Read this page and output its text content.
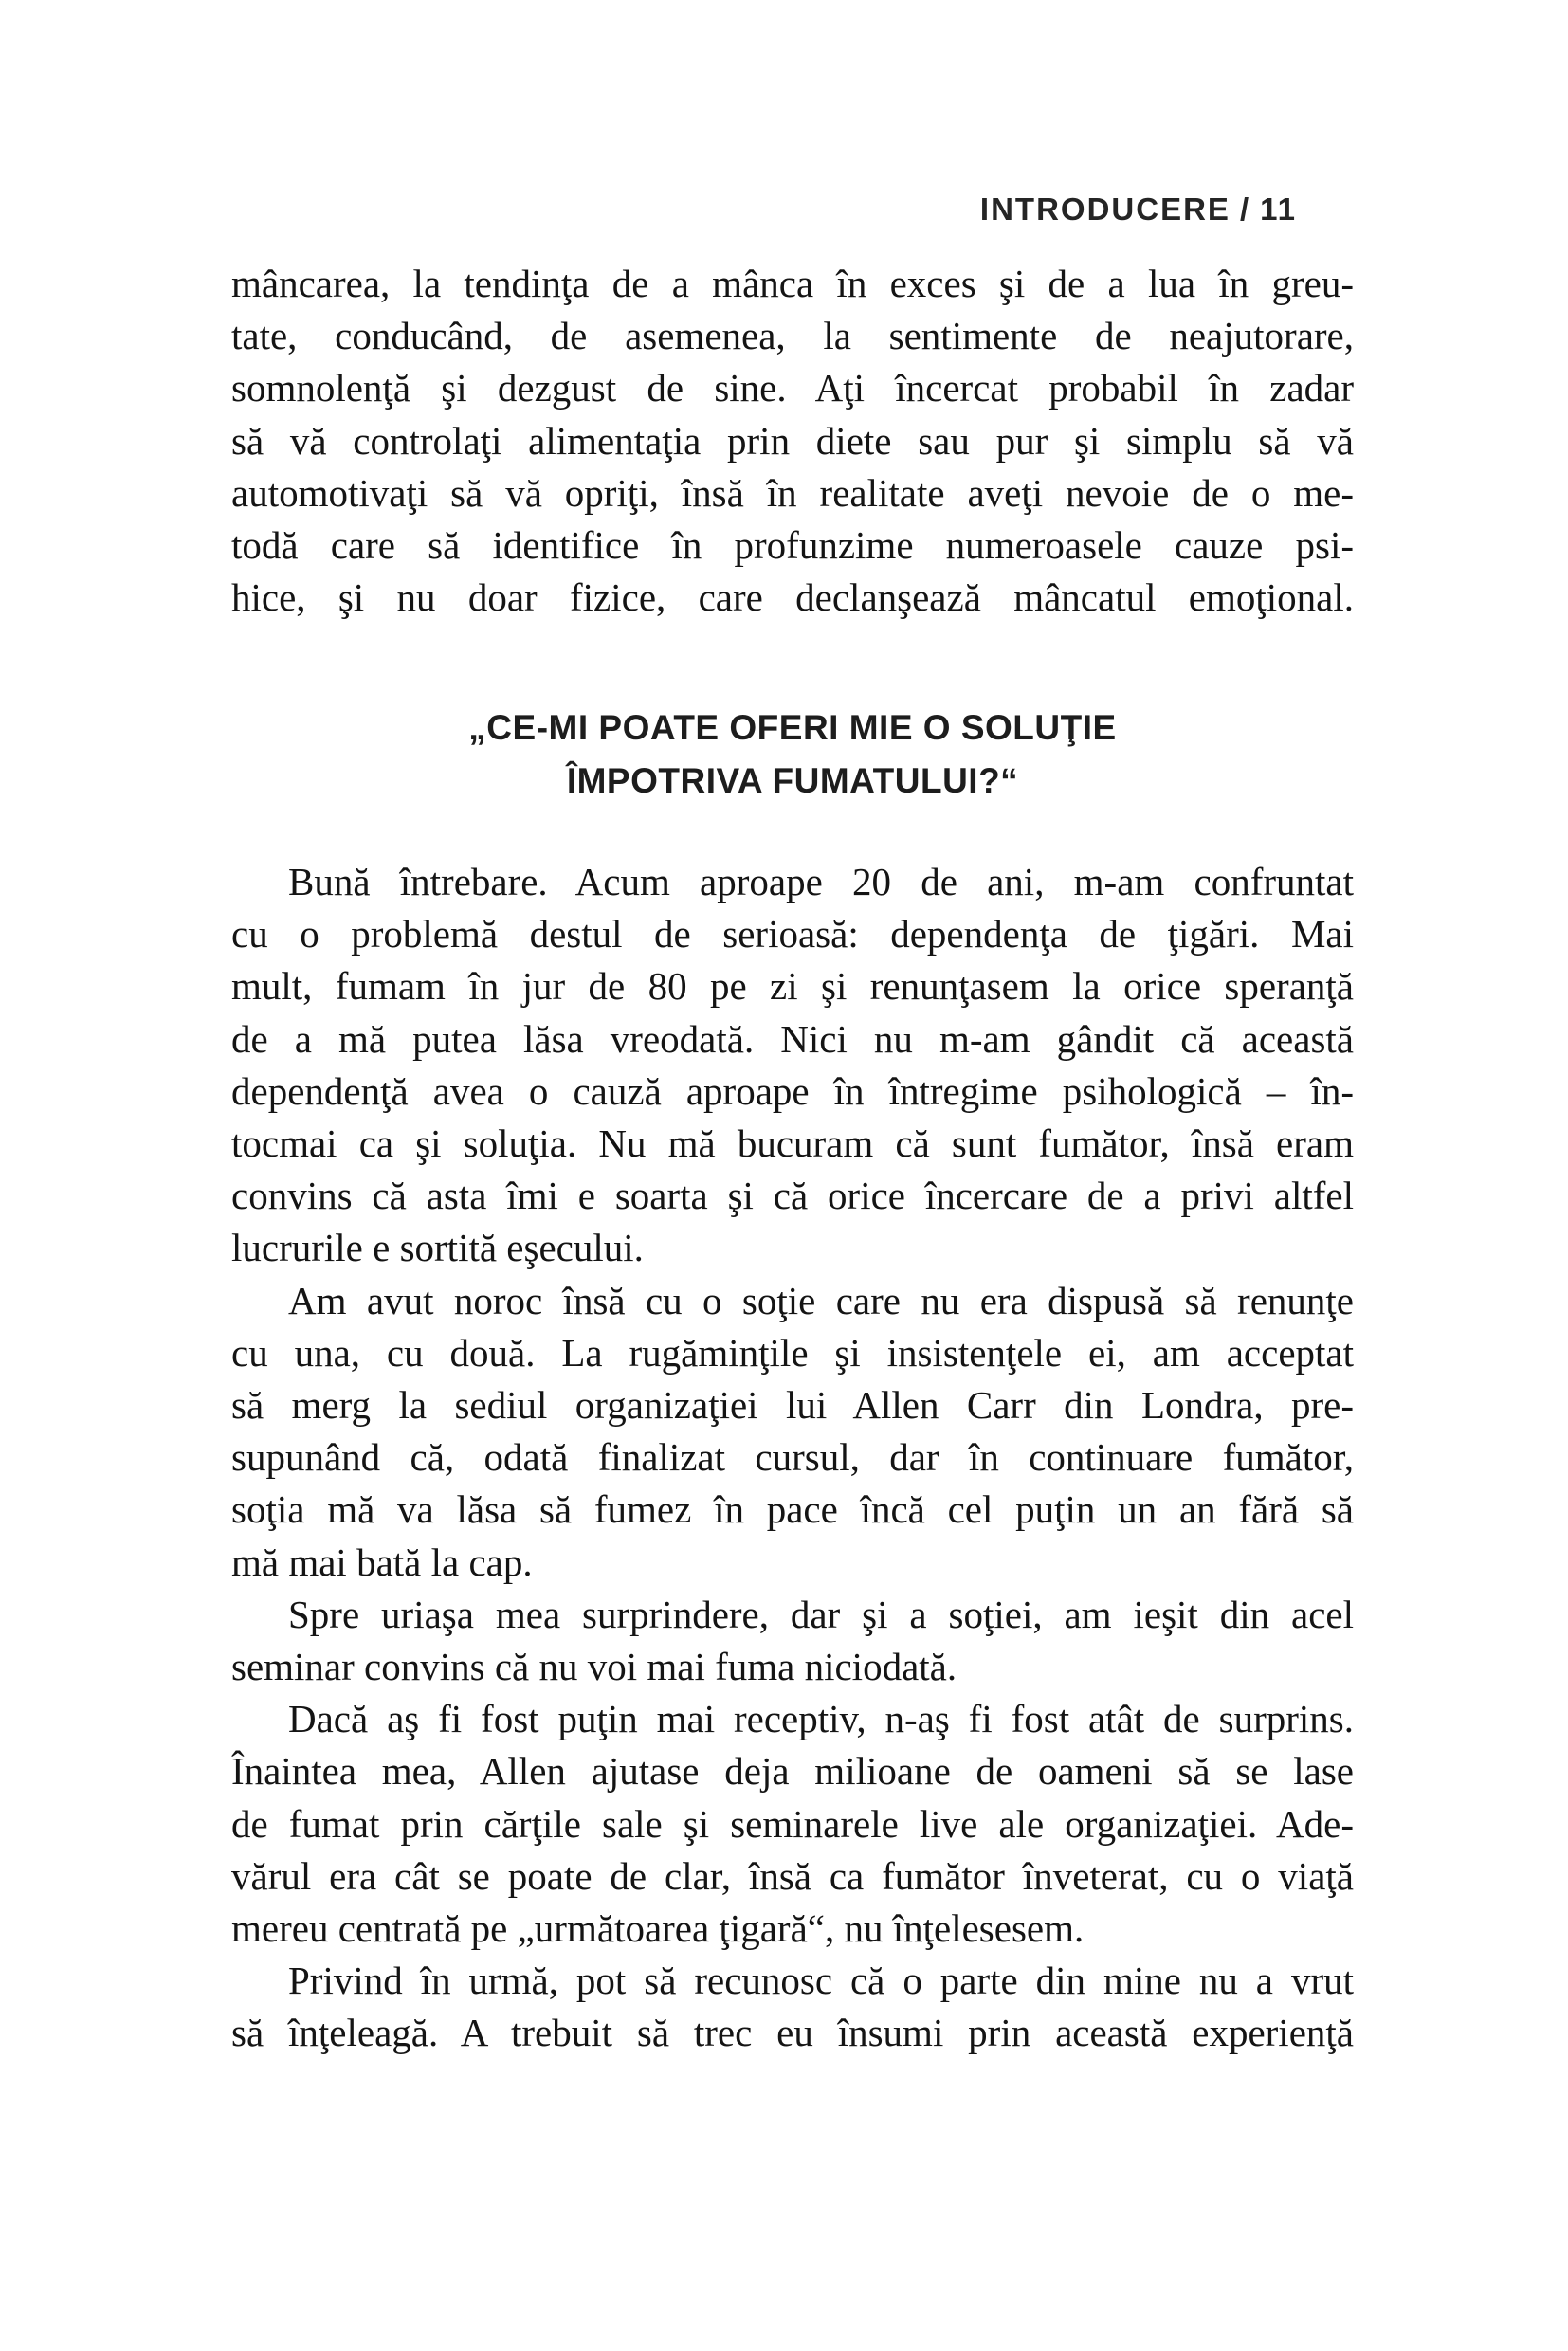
INTRODUCERE / 11
mâncarea, la tendinţa de a mânca în exces şi de a lua în greu-
tate, conducând, de asemenea, la sentimente de neajutorare,
somnolenţă şi dezgust de sine. Aţi încercat probabil în zadar
să vă controlaţi alimentaţia prin diete sau pur şi simplu să vă
automotivaţi să vă opriţi, însă în realitate aveţi nevoie de o me-
todă care să identifice în profunzime numeroasele cauze psi-
hice, şi nu doar fizice, care declanşează mâncatul emoţional.
„CE-MI POATE OFERI MIE O SOLUŢIE
ÎMPOTRIVA FUMATULUI?“
Bună întrebare. Acum aproape 20 de ani, m-am confruntat
cu o problemă destul de serioasă: dependenţa de ţigări. Mai
mult, fumam în jur de 80 pe zi şi renunţasem la orice speranţă
de a mă putea lăsa vreodată. Nici nu m-am gândit că această
dependenţă avea o cauză aproape în întregime psihologică – în-
tocmai ca şi soluţia. Nu mă bucuram că sunt fumător, însă eram
convins că asta îmi e soarta şi că orice încercare de a privi altfel
lucrurile e sortită eşecului.
Am avut noroc însă cu o soţie care nu era dispusă să renunţe
cu una, cu două. La rugăminţile şi insistenţele ei, am acceptat
să merg la sediul organizaţiei lui Allen Carr din Londra, pre-
supunând că, odată finalizat cursul, dar în continuare fumător,
soţia mă va lăsa să fumez în pace încă cel puţin un an fără să
mă mai bată la cap.
Spre uriaşa mea surprindere, dar şi a soţiei, am ieşit din acel
seminar convins că nu voi mai fuma niciodată.
Dacă aş fi fost puţin mai receptiv, n-aş fi fost atât de surprins.
Înaintea mea, Allen ajutase deja milioane de oameni să se lase
de fumat prin cărţile sale şi seminarele live ale organizaţiei. Ade-
vărul era cât se poate de clar, însă ca fumător înveterat, cu o viaţă
mereu centrată pe „următoarea ţigară“, nu înţelesesem.
Privind în urmă, pot să recunosc că o parte din mine nu a vrut
să înţeleagă. A trebuit să trec eu însumi prin această experienţă
